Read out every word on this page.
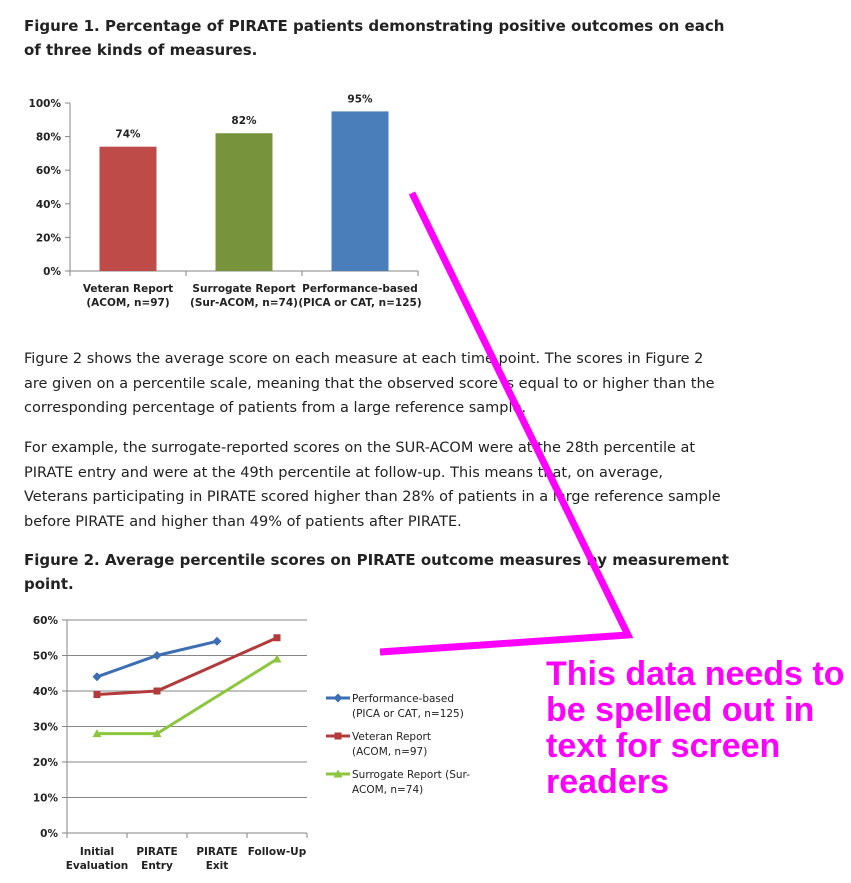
Figure 1. Percentage of PIRATE patients demonstrating positive outcomes on each of three kinds of measures.
0%
20%
40%
60%
80%
100%
74%
Veteran Report
(ACOM, n=97)
82%
Surrogate Report
(Sur-ACOM, n=74)
95%
Performance-based
(PICA or CAT, n=125)

Figure 2 shows the average score on each measure at each time point. The scores in Figure 2 are given on a percentile scale, meaning that the observed score is equal to or higher than the corresponding percentage of patients from a large reference sample.

For example, the surrogate-reported scores on the SUR-ACOM were at the 28th percentile at PIRATE entry and were at the 49th percentile at follow-up. This means that, on average, Veterans participating in PIRATE scored higher than 28% of patients in a large reference sample before PIRATE and higher than 49% of patients after PIRATE.

Figure 2. Average percentile scores on PIRATE outcome measures by measurement point.
0%
10%
20%
30%
40%
50%
60%
Initial
Evaluation
PIRATE
Entry
PIRATE
Exit
Follow-Up
Performance-based
(PICA or CAT, n=125)
Veteran Report
(ACOM, n=97)
Surrogate Report (Sur-
ACOM, n=74)

This data needs to be spelled out in text for screen readers
